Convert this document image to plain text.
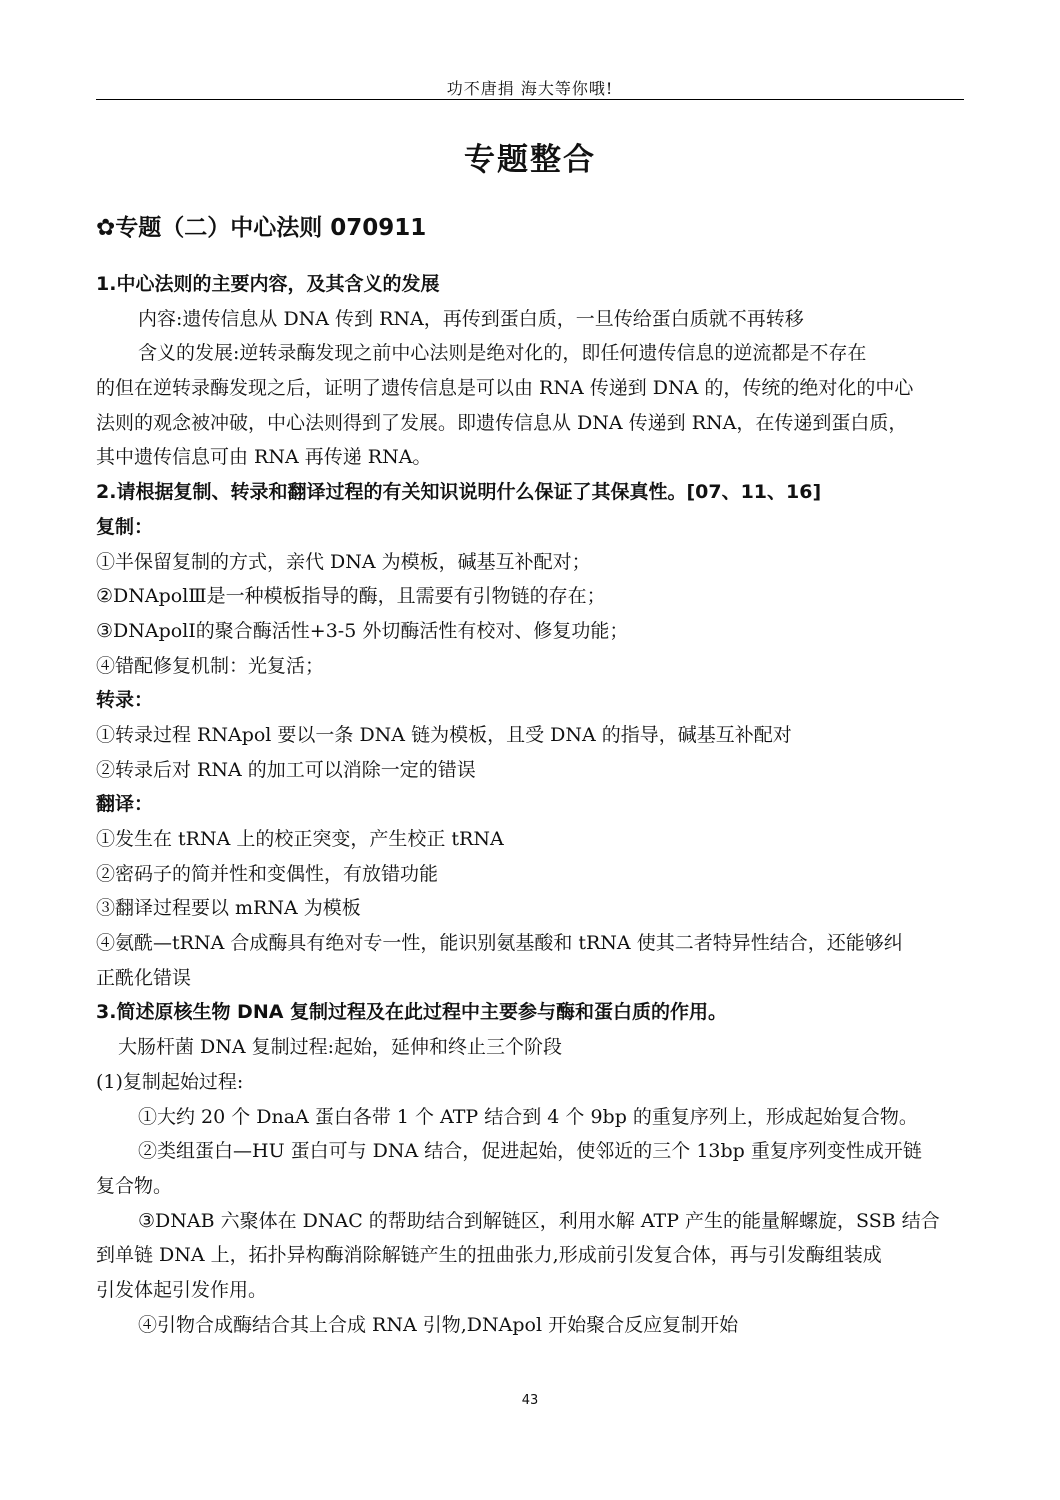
功不唐捐 海大等你哦!
专题整合
✿专题（二）中心法则 070911
1.中心法则的主要内容，及其含义的发展
内容:遗传信息从 DNA 传到 RNA，再传到蛋白质，一旦传给蛋白质就不再转移
含义的发展:逆转录酶发现之前中心法则是绝对化的，即任何遗传信息的逆流都是不存在
的但在逆转录酶发现之后，证明了遗传信息是可以由 RNA 传递到 DNA 的，传统的绝对化的中心
法则的观念被冲破，中心法则得到了发展。即遗传信息从 DNA 传递到 RNA，在传递到蛋白质，
其中遗传信息可由 RNA 再传递 RNA。
2.请根据复制、转录和翻译过程的有关知识说明什么保证了其保真性。[07、11、16]
复制：
①半保留复制的方式，亲代 DNA 为模板，碱基互补配对；
②DNApolⅢ是一种模板指导的酶，且需要有引物链的存在；
③DNApolⅠ的聚合酶活性+3-5 外切酶活性有校对、修复功能；
④错配修复机制：光复活；
转录：
①转录过程 RNApol 要以一条 DNA 链为模板，且受 DNA 的指导，碱基互补配对
②转录后对 RNA 的加工可以消除一定的错误
翻译：
①发生在 tRNA 上的校正突变，产生校正 tRNA
②密码子的简并性和变偶性，有放错功能
③翻译过程要以 mRNA 为模板
④氨酰—tRNA 合成酶具有绝对专一性，能识别氨基酸和 tRNA 使其二者特异性结合，还能够纠
正酰化错误
3.简述原核生物 DNA 复制过程及在此过程中主要参与酶和蛋白质的作用。
大肠杆菌 DNA 复制过程:起始，延伸和终止三个阶段
(1)复制起始过程:
①大约 20 个 DnaA 蛋白各带 1 个 ATP 结合到 4 个 9bp 的重复序列上，形成起始复合物。
②类组蛋白—HU 蛋白可与 DNA 结合，促进起始，使邻近的三个 13bp 重复序列变性成开链
复合物。
③DNAB 六聚体在 DNAC 的帮助结合到解链区，利用水解 ATP 产生的能量解螺旋，SSB 结合
到单链 DNA 上，拓扑异构酶消除解链产生的扭曲张力,形成前引发复合体，再与引发酶组装成
引发体起引发作用。
④引物合成酶结合其上合成 RNA 引物,DNApol 开始聚合反应复制开始
43
